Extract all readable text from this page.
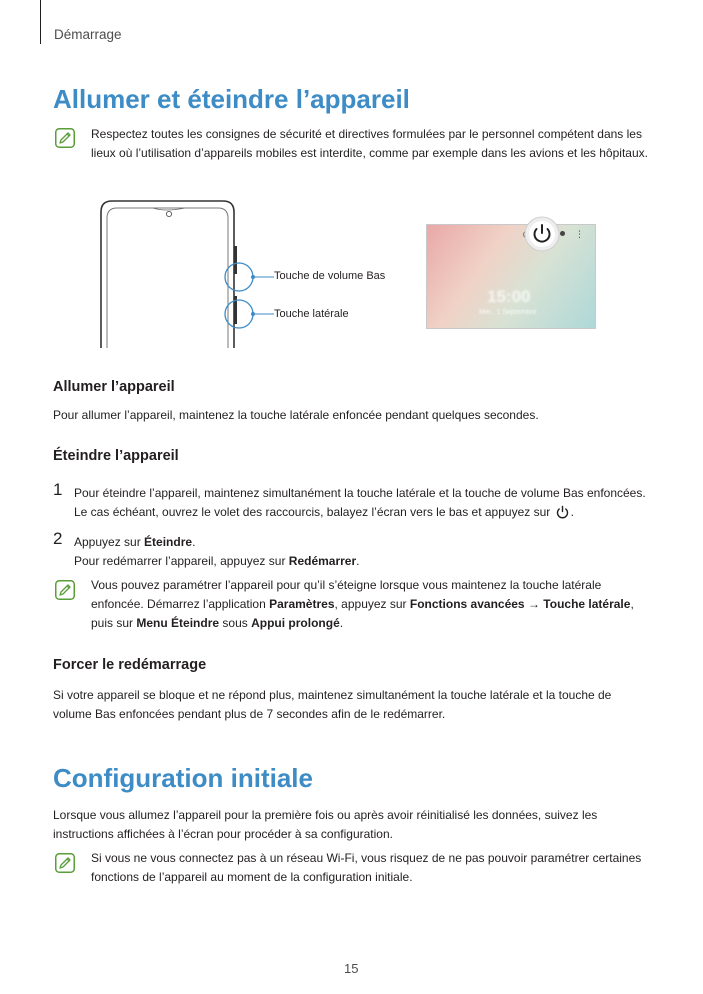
Démarrage
Allumer et éteindre l’appareil
Respectez toutes les consignes de sécurité et directives formulées par le personnel compétent dans les lieux où l’utilisation d’appareils mobiles est interdite, comme par exemple dans les avions et les hôpitaux.
Touche de volume Bas
Touche latérale
15:00
Mer., 1 Septembre
⋮
Allumer l’appareil
Pour allumer l’appareil, maintenez la touche latérale enfoncée pendant quelques secondes.
Éteindre l’appareil
1 Pour éteindre l’appareil, maintenez simultanément la touche latérale et la touche de volume Bas enfoncées. Le cas échéant, ouvrez le volet des raccourcis, balayez l’écran vers le bas et appuyez sur .
2 Appuyez sur Éteindre.
Pour redémarrer l’appareil, appuyez sur Redémarrer.
Vous pouvez paramétrer l’appareil pour qu’il s’éteigne lorsque vous maintenez la touche latérale enfoncée. Démarrez l’application Paramètres, appuyez sur Fonctions avancées → Touche latérale, puis sur Menu Éteindre sous Appui prolongé.
Forcer le redémarrage
Si votre appareil se bloque et ne répond plus, maintenez simultanément la touche latérale et la touche de volume Bas enfoncées pendant plus de 7 secondes afin de le redémarrer.
Configuration initiale
Lorsque vous allumez l’appareil pour la première fois ou après avoir réinitialisé les données, suivez les instructions affichées à l’écran pour procéder à sa configuration.
Si vous ne vous connectez pas à un réseau Wi-Fi, vous risquez de ne pas pouvoir paramétrer certaines fonctions de l’appareil au moment de la configuration initiale.
15
